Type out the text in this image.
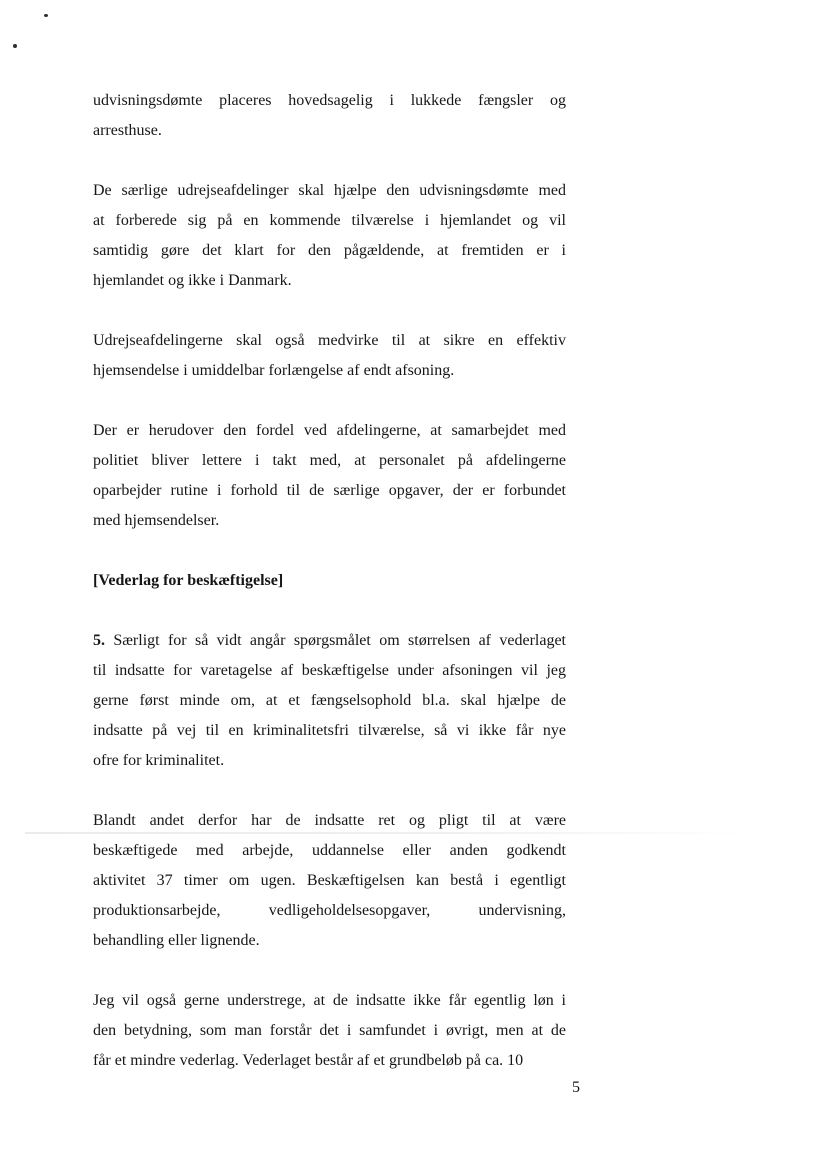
udvisningsdømte placeres hovedsagelig i lukkede fængsler og
arresthuse.
De særlige udrejseafdelinger skal hjælpe den udvisningsdømte med
at forberede sig på en kommende tilværelse i hjemlandet og vil
samtidig gøre det klart for den pågældende, at fremtiden er i
hjemlandet og ikke i Danmark.
Udrejseafdelingerne skal også medvirke til at sikre en effektiv
hjemsendelse i umiddelbar forlængelse af endt afsoning.
Der er herudover den fordel ved afdelingerne, at samarbejdet med
politiet bliver lettere i takt med, at personalet på afdelingerne
oparbejder rutine i forhold til de særlige opgaver, der er forbundet
med hjemsendelser.
[Vederlag for beskæftigelse]
5. Særligt for så vidt angår spørgsmålet om størrelsen af vederlaget
til indsatte for varetagelse af beskæftigelse under afsoningen vil jeg
gerne først minde om, at et fængselsophold bl.a. skal hjælpe de
indsatte på vej til en kriminalitetsfri tilværelse, så vi ikke får nye
ofre for kriminalitet.
Blandt andet derfor har de indsatte ret og pligt til at være
beskæftigede med arbejde, uddannelse eller anden godkendt
aktivitet 37 timer om ugen. Beskæftigelsen kan bestå i egentligt
produktionsarbejde, vedligeholdelsesopgaver, undervisning,
behandling eller lignende.
Jeg vil også gerne understrege, at de indsatte ikke får egentlig løn i
den betydning, som man forstår det i samfundet i øvrigt, men at de
får et mindre vederlag. Vederlaget består af et grundbeløb på ca. 10
5
